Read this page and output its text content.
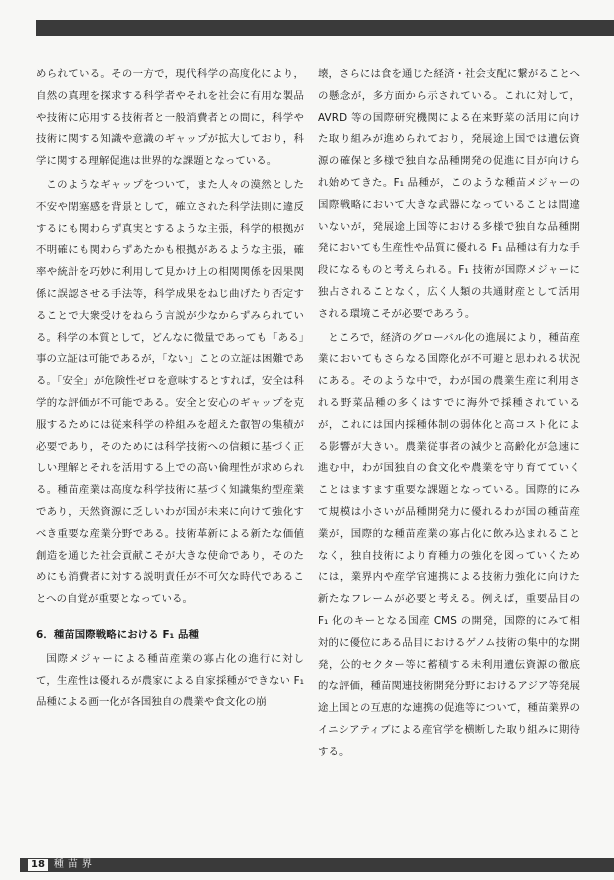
められている。その一方で，現代科学の高度化により，自然の真理を探求する科学者やそれを社会に有用な製品や技術に応用する技術者と一般消費者との間に，科学や技術に関する知識や意識のギャップが拡大しており，科学に関する理解促進は世界的な課題となっている。

このようなギャップをついて，また人々の漠然とした不安や閉塞感を背景として，確立された科学法則に違反するにも関わらず真実とするような主張，科学的根拠が不明確にも関わらずあたかも根拠があるような主張，確率や統計を巧妙に利用して見かけ上の相関関係を因果関係に誤認させる手法等，科学成果をねじ曲げたり否定することで大衆受けをねらう言説が少なからずみられている。科学の本質として，どんなに微量であっても「ある」事の立証は可能であるが，「ない」ことの立証は困難である。「安全」が危険性ゼロを意味するとすれば，安全は科学的な評価が不可能である。安全と安心のギャップを克服するためには従来科学の枠組みを超えた叡智の集積が必要であり，そのためには科学技術への信頼に基づく正しい理解とそれを活用する上での高い倫理性が求められる。種苗産業は高度な科学技術に基づく知識集約型産業であり，天然資源に乏しいわが国が未来に向けて強化すべき重要な産業分野である。技術革新による新たな価値創造を通じた社会貢献こそが大きな使命であり，そのためにも消費者に対する説明責任が不可欠な時代であることへの自覚が重要となっている。

6．種苗国際戦略における F₁ 品種

国際メジャーによる種苗産業の寡占化の進行に対して，生産性は優れるが農家による自家採種ができない F₁ 品種による画一化が各国独自の農業や食文化の崩

壊，さらには食を通じた経済・社会支配に繋がることへの懸念が，多方面から示されている。これに対して，AVRD 等の国際研究機関による在来野菜の活用に向けた取り組みが進められており，発展途上国では遺伝資源の確保と多様で独自な品種開発の促進に目が向けられ始めてきた。F₁ 品種が，このような種苗メジャーの国際戦略において大きな武器になっていることは間違いないが，発展途上国等における多様で独自な品種開発においても生産性や品質に優れる F₁ 品種は有力な手段になるものと考えられる。F₁ 技術が国際メジャーに独占されることなく，広く人類の共通財産として活用される環境こそが必要であろう。

ところで，経済のグローバル化の進展により，種苗産業においてもさらなる国際化が不可避と思われる状況にある。そのような中で，わが国の農業生産に利用される野菜品種の多くはすでに海外で採種されているが，これには国内採種体制の弱体化と高コスト化による影響が大きい。農業従事者の減少と高齢化が急速に進む中，わが国独自の食文化や農業を守り育てていくことはますます重要な課題となっている。国際的にみて規模は小さいが品種開発力に優れるわが国の種苗産業が，国際的な種苗産業の寡占化に飲み込まれることなく，独自技術により育種力の強化を図っていくためには，業界内や産学官連携による技術力強化に向けた新たなフレームが必要と考える。例えば，重要品目の F₁ 化のキーとなる国産 CMS の開発，国際的にみて相対的に優位にある品目におけるゲノム技術の集中的な開発，公的セクター等に蓄積する未利用遺伝資源の徹底的な評価，種苗関連技術開発分野におけるアジア等発展途上国との互恵的な連携の促進等について，種苗業界のイニシアティブによる産官学を横断した取り組みに期待する。

18 種苗界
